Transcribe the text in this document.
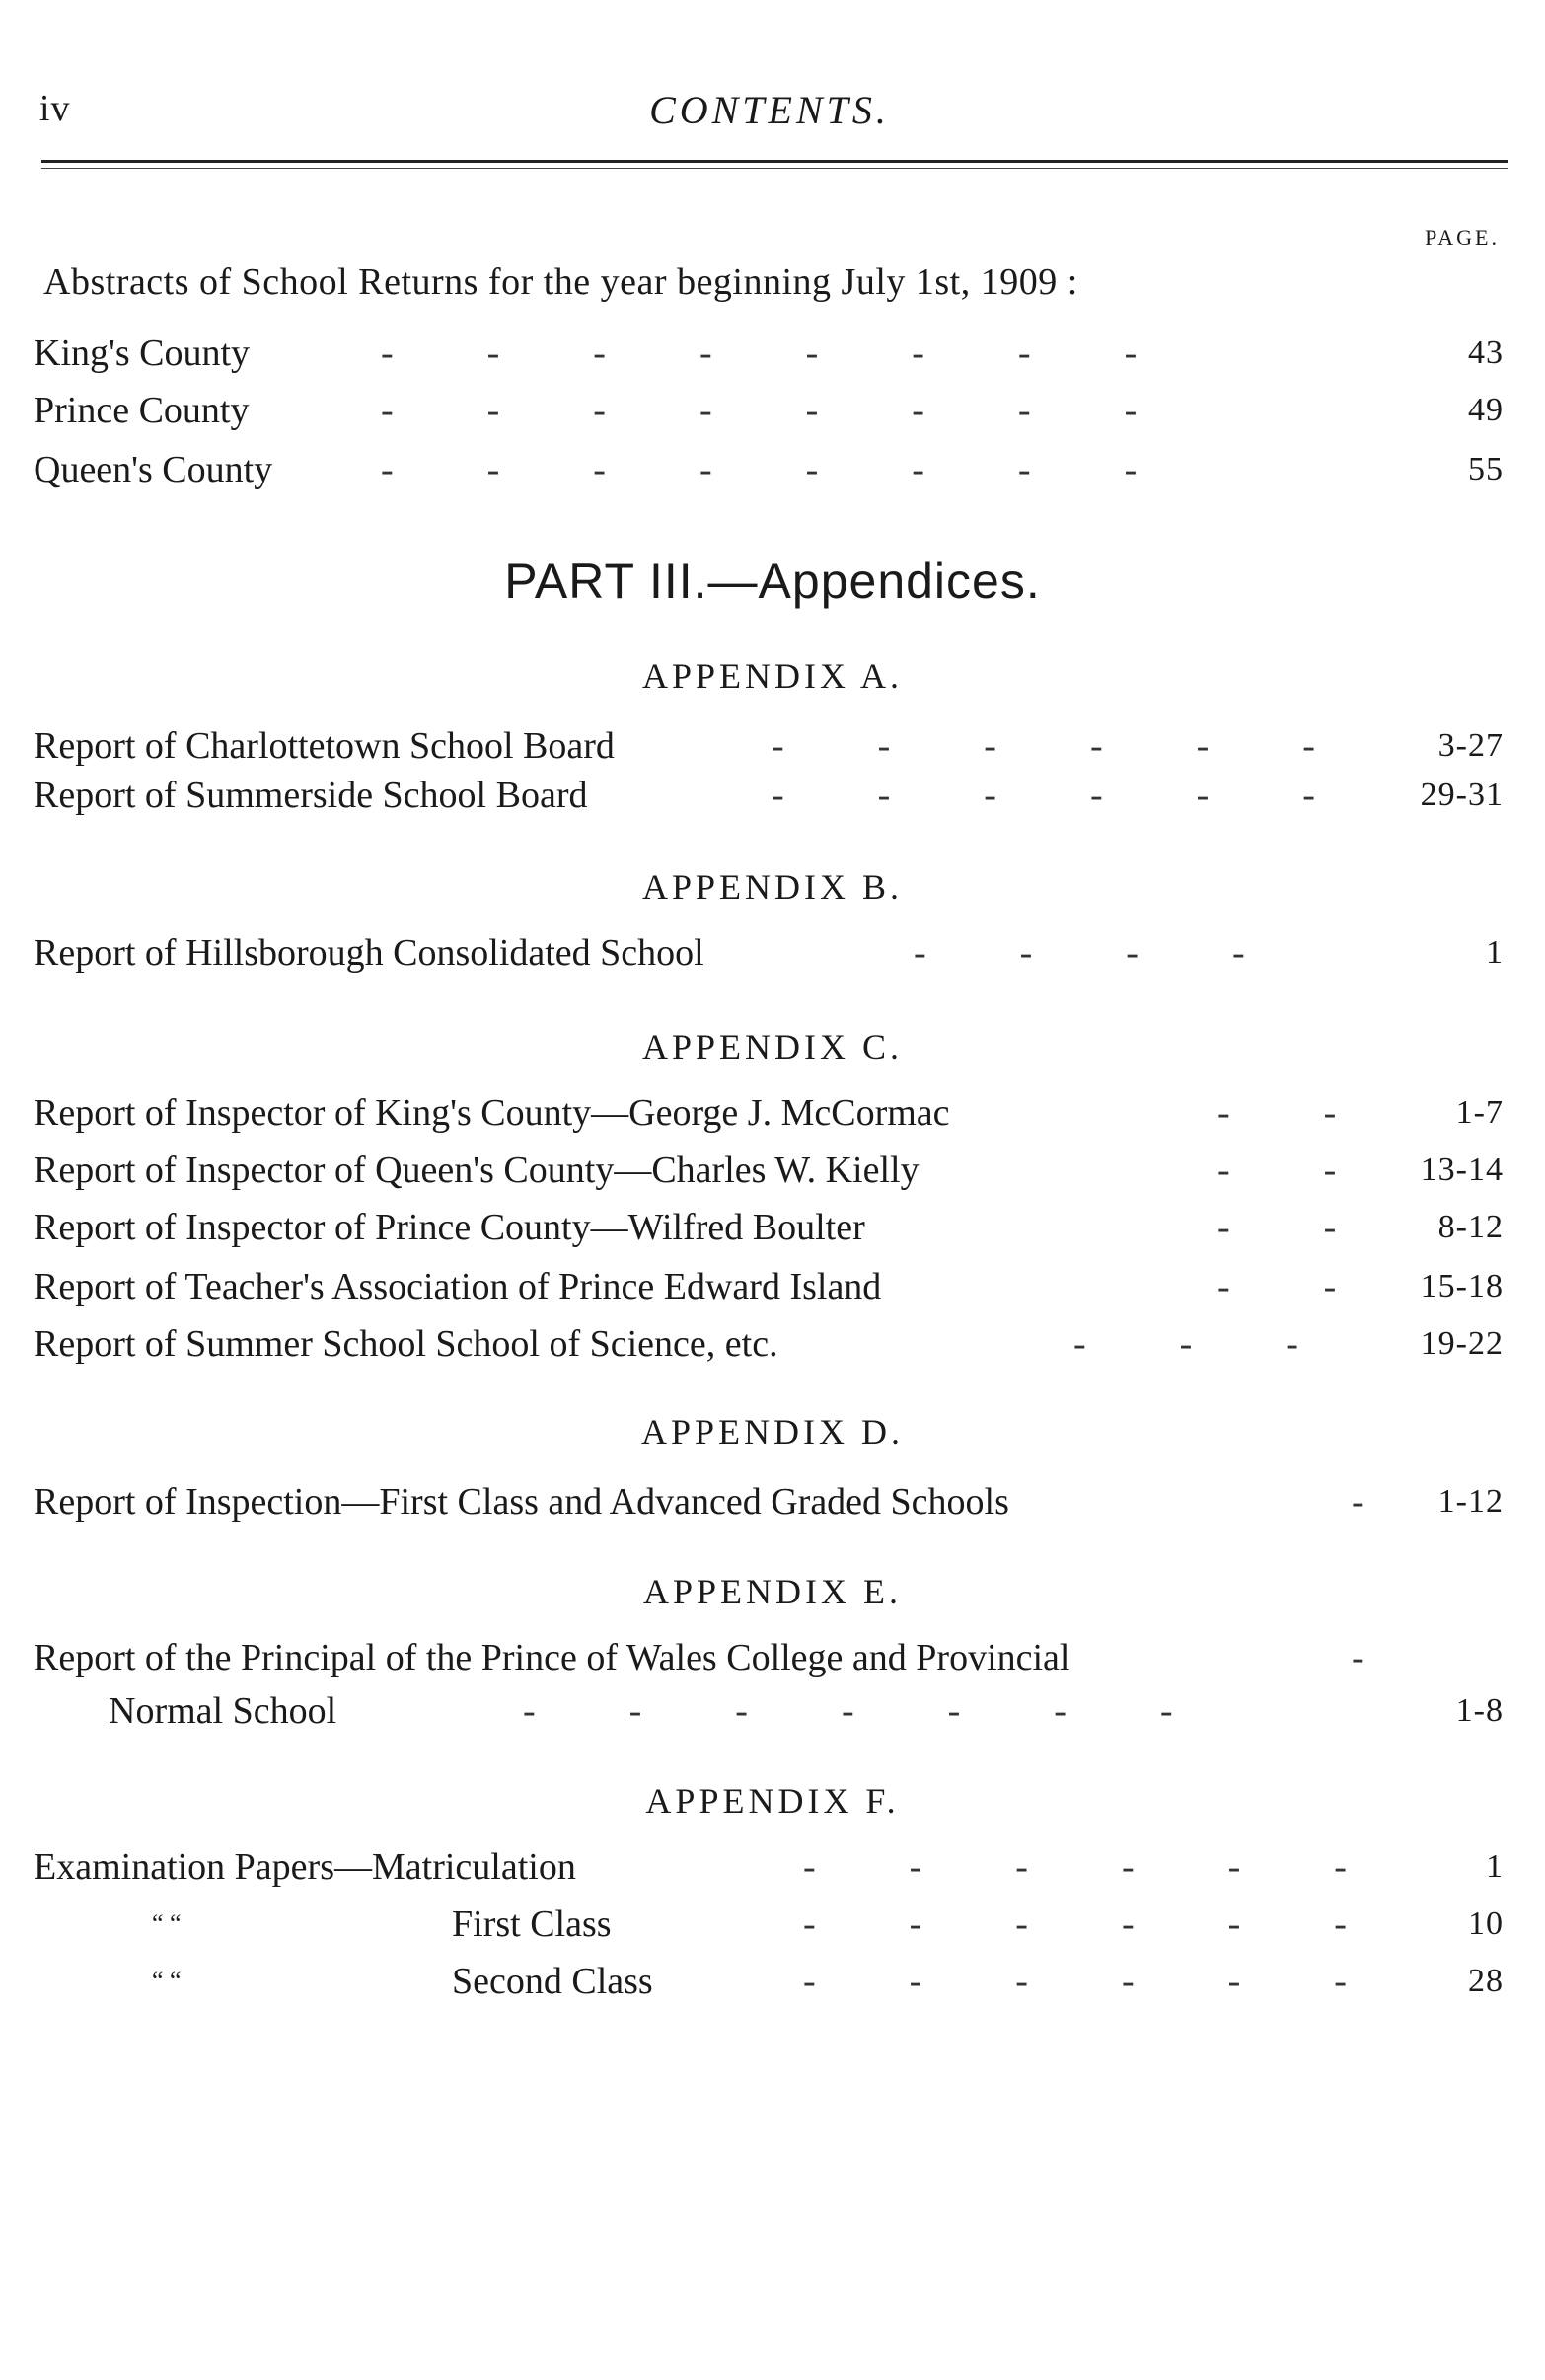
iv	CONTENTS.
PAGE.
Abstracts of School Returns for the year beginning July 1st, 1909 :
King's County	-          -          -          -          -          -          -          -	43
Prince County	-          -          -          -          -          -          -          -	49
Queen's County	-          -          -          -          -          -          -          -	55
PART III.—Appendices.
APPENDIX A.
Report of Charlottetown School Board	-          -          -          -          -          -	3-27
Report of Summerside School Board	-          -          -          -          -          -	29-31
APPENDIX B.
Report of Hillsborough Consolidated School	-          -          -          -	1
APPENDIX C.
Report of Inspector of King's County—George J. McCormac	-          -	1-7
Report of Inspector of Queen's County—Charles W. Kielly	-          -	13-14
Report of Inspector of Prince County—Wilfred Boulter	-          -	8-12
Report of Teacher's Association of Prince Edward Island	-          -	15-18
Report of Summer School School of Science, etc.	-          -          -	19-22
APPENDIX D.
Report of Inspection—First Class and Advanced Graded Schools	- 1-12
APPENDIX E.
Report of the Principal of the Prince of Wales College and Provincial	-
Normal School	-          -          -          -          -          -          -	1-8
APPENDIX F.
Examination Papers—Matriculation	-          -          -          -          -          -	1
“ “	First Class	-          -          -          -          -          -	10
“ “	Second Class	-          -          -          -          -          -	28
